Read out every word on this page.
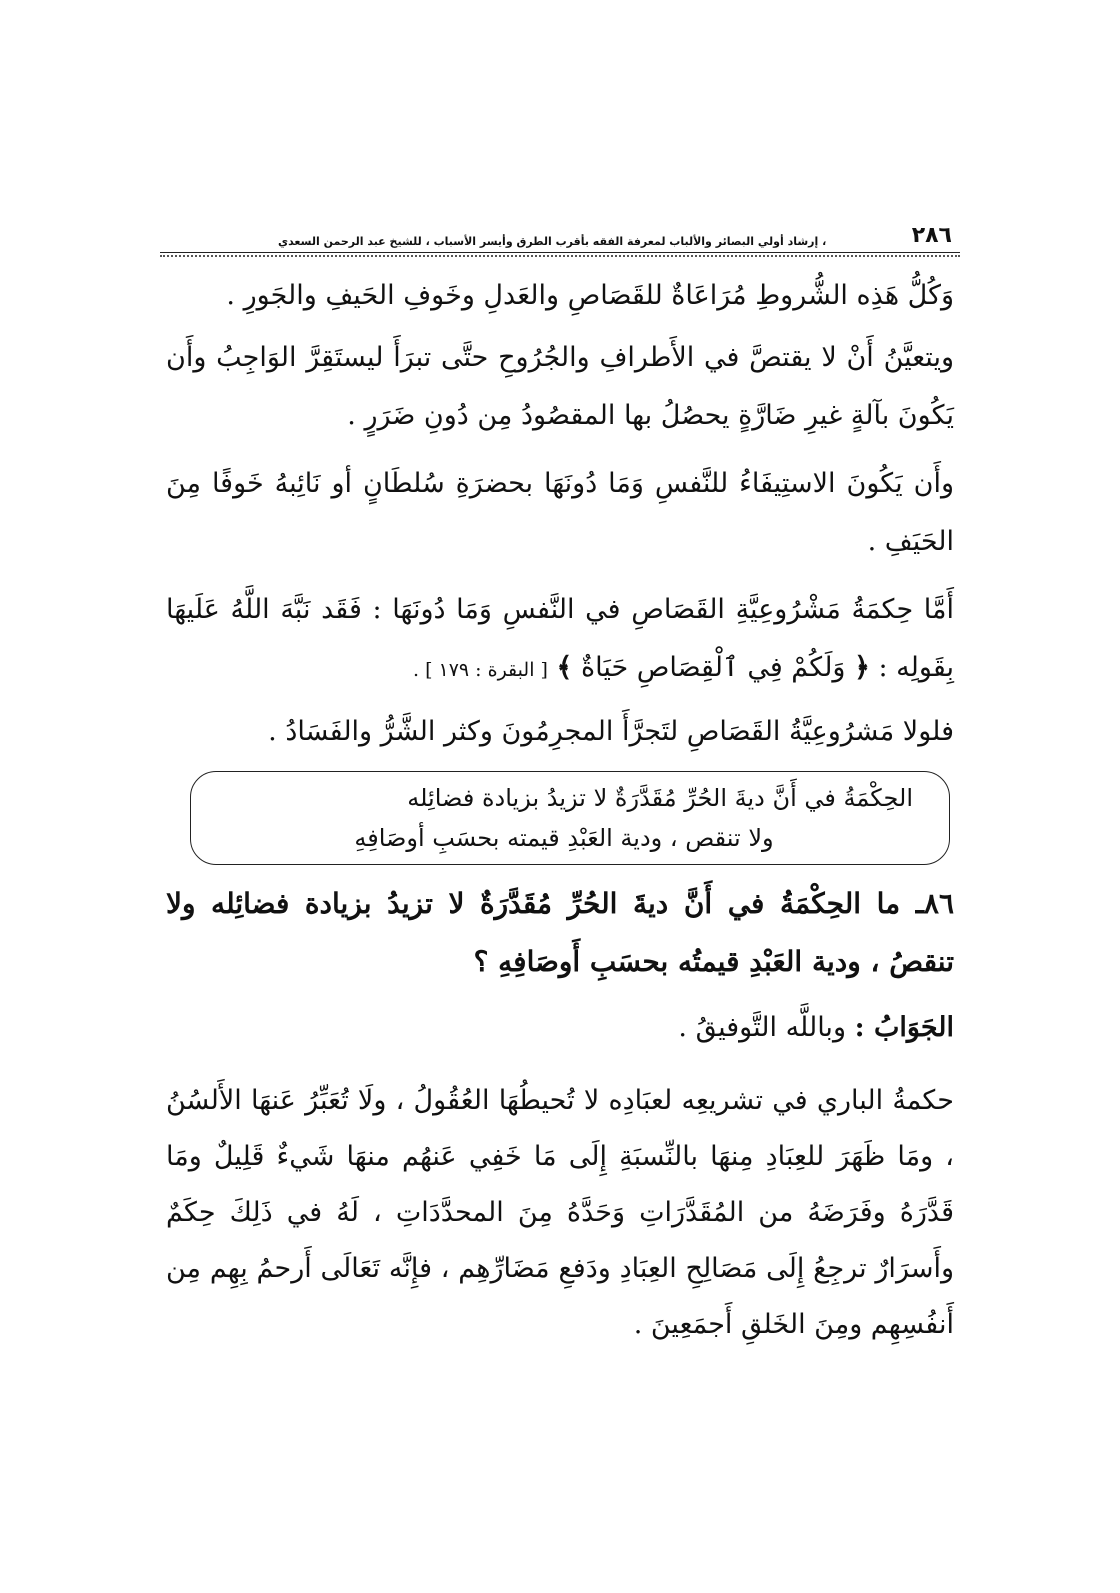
٢٨٦
، إرشاد أولي البصائر والألباب لمعرفة الفقه بأقرب الطرق وأيسر الأسباب ، للشيخ عبد الرحمن السعدي

وَكُلُّ هَذِه الشُّروطِ مُرَاعَاةٌ للقَصَاصِ والعَدلِ وخَوفِ الحَيفِ والجَورِ .

ويتعيَّنُ أَنْ لا يقتصَّ في الأَطرافِ والجُرُوحِ حتَّى تبرَأَ ليستَقِرَّ الوَاجِبُ وأَن يَكُونَ بآلةٍ غيرِ ضَارَّةٍ يحصُلُ بها المقصُودُ مِن دُونِ ضَرَرٍ .

وأَن يَكُونَ الاستِيفَاءُ للنَّفسِ وَمَا دُونَهَا بحضرَةِ سُلطَانٍ أو نَائِبهُ خَوفًا مِنَ الحَيَفِ .

أَمَّا حِكمَةُ مَشْرُوعِيَّةِ القَصَاصِ في النَّفسِ وَمَا دُونَهَا : فَقَد نَبَّهَ اللَّهُ عَلَيهَا بِقَولِه : ﴿ وَلَكُمْ فِي ٱلْقِصَاصِ حَيَاةٌ ﴾ [ البقرة : ١٧٩ ] .

فلولا مَشرُوعِيَّةُ القَصَاصِ لتَجرَّأَ المجرِمُونَ وكثر الشَّرُّ والفَسَادُ .

الحِكْمَةُ في أَنَّ ديةَ الحُرِّ مُقَدَّرَةٌ لا تزيدُ بزيادة فضائِله
ولا تنقص ، ودية العَبْدِ قيمته بحسَبِ أوصَافِهِ

٨٦ـ ما الحِكْمَةُ في أَنَّ ديةَ الحُرِّ مُقَدَّرَةٌ لا تزيدُ بزيادة فضائِله ولا تنقصُ ، ودية العَبْدِ قيمتُه بحسَبِ أَوصَافِهِ ؟

الجَوَابُ : وباللَّه التَّوفيقُ .

حكمةُ الباري في تشريعِه لعبَادِه لا تُحيطُهَا العُقُولُ ، ولَا تُعَبِّرُ عَنهَا الأَلسُنُ ، ومَا ظَهَرَ للعِبَادِ مِنهَا بالنِّسبَةِ إِلَى مَا خَفِي عَنهُم منهَا شَيءٌ قَلِيلٌ ومَا قَدَّرَهُ وفَرَضَهُ من المُقَدَّرَاتِ وَحَدَّهُ مِنَ المحدَّدَاتِ ، لَهُ في ذَلِكَ حِكَمٌ وأَسرَارٌ ترجِعُ إِلَى مَصَالِحِ العِبَادِ ودَفعِ مَضَارِّهِم ، فإِنَّه تَعَالَى أَرحمُ بِهِم مِن أَنفُسِهِم ومِنَ الخَلقِ أَجمَعِينَ .
